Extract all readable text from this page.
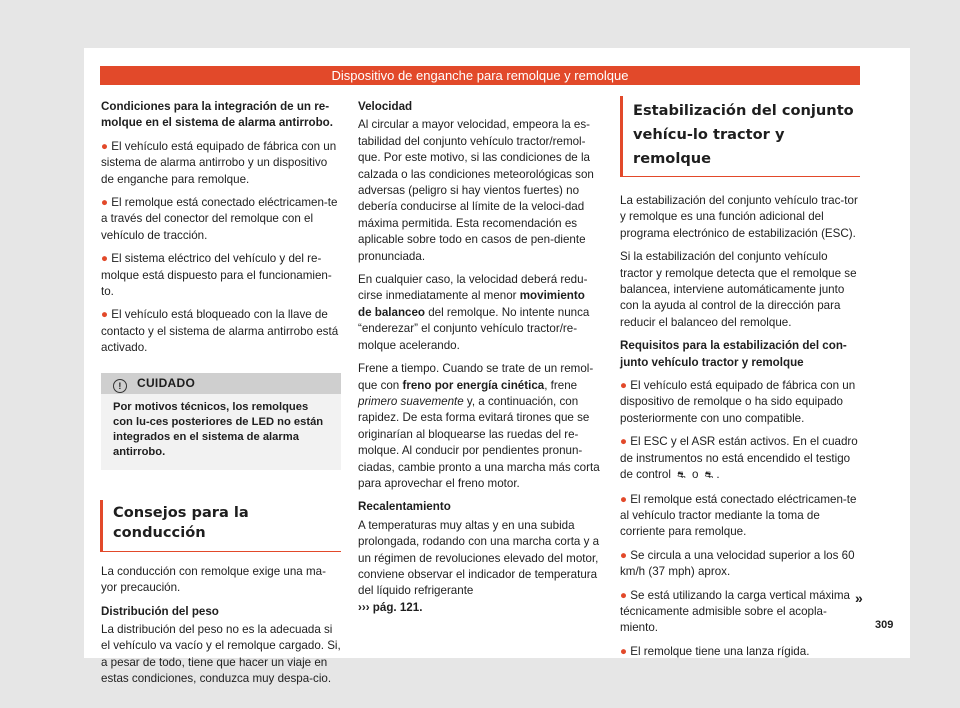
Dispositivo de enganche para remolque y remolque

Condiciones para la integración de un re-molque en el sistema de alarma antirrobo.

● El vehículo está equipado de fábrica con un sistema de alarma antirrobo y un dispositivo de enganche para remolque.

● El remolque está conectado eléctricamen-te a través del conector del remolque con el vehículo de tracción.

● El sistema eléctrico del vehículo y del re-molque está dispuesto para el funcionamien-to.

● El vehículo está bloqueado con la llave de contacto y el sistema de alarma antirrobo está activado.

! CUIDADO
Por motivos técnicos, los remolques con lu-ces posteriores de LED no están integrados en el sistema de alarma antirrobo.
Consejos para la conducción

La conducción con remolque exige una ma-yor precaución.

Distribución del peso

La distribución del peso no es la adecuada si el vehículo va vacío y el remolque cargado. Si, a pesar de todo, tiene que hacer un viaje en estas condiciones, conduzca muy despa-cio.

Velocidad

Al circular a mayor velocidad, empeora la es-tabilidad del conjunto vehículo tractor/remol-que. Por este motivo, si las condiciones de la calzada o las condiciones meteorológicas son adversas (peligro si hay vientos fuertes) no debería conducirse al límite de la veloci-dad máxima permitida. Esta recomendación es aplicable sobre todo en casos de pen-diente pronunciada.

En cualquier caso, la velocidad deberá redu-cirse inmediatamente al menor movimiento de balanceo del remolque. No intente nunca “enderezar” el conjunto vehículo tractor/re-molque acelerando.

Frene a tiempo. Cuando se trate de un remol-que con freno por energía cinética, frene primero suavemente y, a continuación, con rapidez. De esta forma evitará tirones que se originarían al bloquearse las ruedas del re-molque. Al conducir por pendientes pronun-ciadas, cambie pronto a una marcha más corta para aprovechar el freno motor.

Recalentamiento

A temperaturas muy altas y en una subida prolongada, rodando con una marcha corta y a un régimen de revoluciones elevado del motor, conviene observar el indicador de temperatura del líquido refrigerante
››› pág. 121.

Estabilización del conjunto vehícu-lo tractor y remolque

La estabilización del conjunto vehículo trac-tor y remolque es una función adicional del programa electrónico de estabilización (ESC).

Si la estabilización del conjunto vehículo tractor y remolque detecta que el remolque se balancea, interviene automáticamente junto con la ayuda al control de la dirección para reducir el balanceo del remolque.

Requisitos para la estabilización del con-junto vehículo tractor y remolque

● El vehículo está equipado de fábrica con un dispositivo de remolque o ha sido equipado posteriormente con uno compatible.

● El ESC y el ASR están activos. En el cuadro de instrumentos no está encendido el testigo de control ⛐ o ⛐ .

● El remolque está conectado eléctricamen-te al vehículo tractor mediante la toma de corriente para remolque.

● Se circula a una velocidad superior a los 60 km/h (37 mph) aprox.

● Se está utilizando la carga vertical máxima técnicamente admisible sobre el acopla-miento.

● El remolque tiene una lanza rígida.

»
309
